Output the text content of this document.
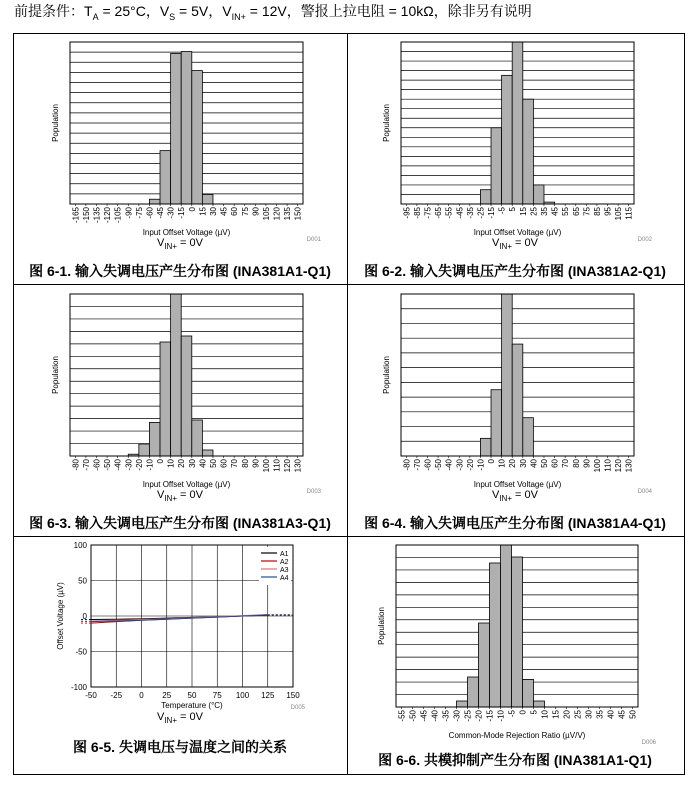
前提条件：$T_A = 25^\circ C$，$V_S = 5V$，$V_{IN+} = 12V$，警报上拉电阻 = 10kΩ，除非另有说明
-165 -150 -135 -120 -105 -90 -75 -60 -45 -30 -15 0 15 30 45 60 75 90 105 120 135 150
Input Offset Voltage (µV)
Population
D001
$V_{IN+} = 0V$
图 6-1. 输入失调电压产生分布图 (INA381A1-Q1)
-95 -85 -75 -65 -55 -45 -35 -25 -15 -5 5 15 25 35 45 55 65 75 85 95 105 115
Input Offset Voltage (µV)
Population
D002
$V_{IN+} = 0V$
图 6-2. 输入失调电压产生分布图 (INA381A2-Q1)
-80 -70 -60 -50 -40 -30 -20 -10 0 10 20 30 40 50 60 70 80 90 100 110 120 130
Input Offset Voltage (µV)
Population
D003
$V_{IN+} = 0V$
图 6-3. 输入失调电压产生分布图 (INA381A3-Q1)
-80 -70 -60 -50 -40 -30 -20 -10 0 10 20 30 40 50 60 70 80 90 100 110 120 130
Input Offset Voltage (µV)
Population
D004
$V_{IN+} = 0V$
图 6-4. 输入失调电压产生分布图 (INA381A4-Q1)
100
50
0
-50
-100
-50 -25 0 25 50 75 100 125 150
A1
A2
A3
A4
Temperature (°C)
Offset Voltage (µV)
D005
$V_{IN+} = 0V$
图 6-5. 失调电压与温度之间的关系
-55 -50 -45 -40 -35 -30 -25 -20 -15 -10 -5 0 5 10 15 20 25 30 35 40 45 50
Common-Mode Rejection Ratio (µV/V)
Population
D006
图 6-6. 共模抑制产生分布图 (INA381A1-Q1)
